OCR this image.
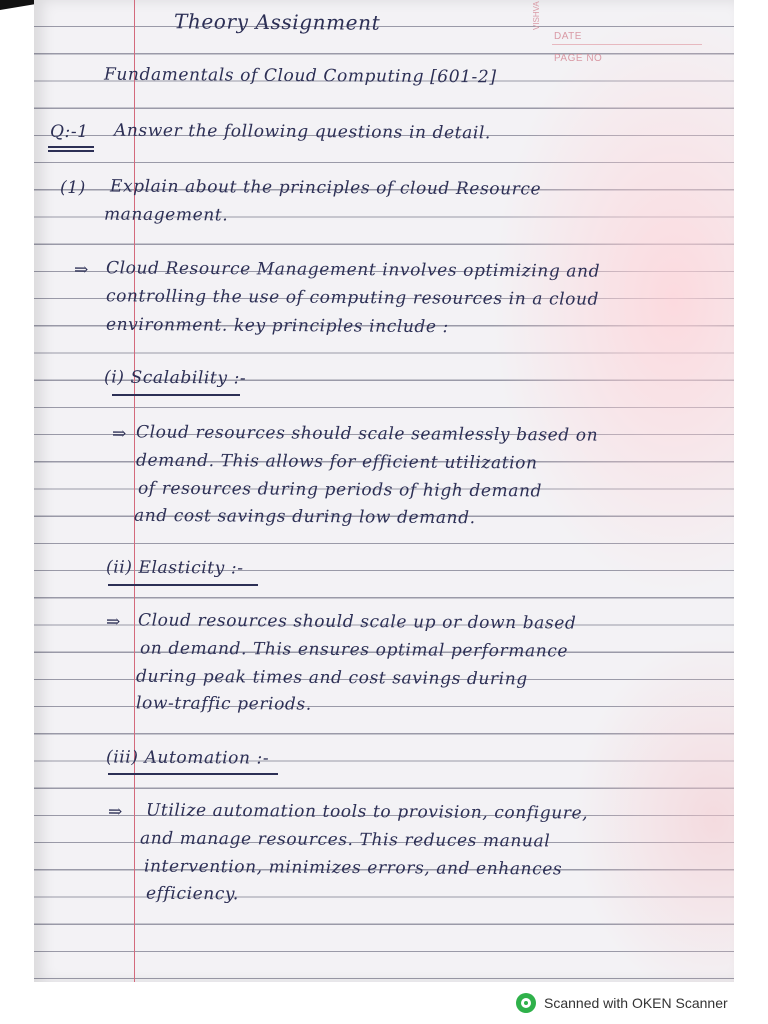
VISHVA
DATE
PAGE NO

Theory Assignment

Fundamentals of Cloud Computing [601-2]

Q:-1 Answer the following questions in detail.

(1) Explain about the principles of cloud Resource

management.

⇒ Cloud Resource Management involves optimizing and

controlling the use of computing resources in a cloud

environment. key principles include :

(i) Scalability :-

⇒ Cloud resources should scale seamlessly based on

demand. This allows for efficient utilization

of resources during periods of high demand

and cost savings during low demand.

(ii) Elasticity :-

⇒ Cloud resources should scale up or down based

on demand. This ensures optimal performance

during peak times and cost savings during

low-traffic periods.

(iii) Automation :-

⇒ Utilize automation tools to provision, configure,

and manage resources. This reduces manual

intervention, minimizes errors, and enhances

efficiency.

Scanned with OKEN Scanner
